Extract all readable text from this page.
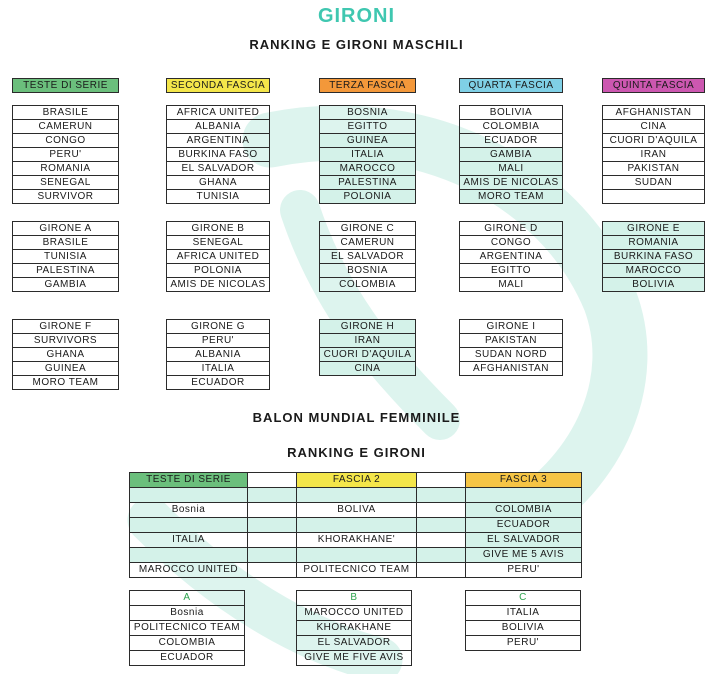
GIRONI
RANKING E GIRONI MASCHILI
TESTE DI SERIE

BRASILE
CAMERUN
CONGO
PERU'
ROMANIA
SENEGAL
SURVIVOR
SECONDA FASCIA

AFRICA UNITED
ALBANIA
ARGENTINA
BURKINA FASO
EL SALVADOR
GHANA
TUNISIA
TERZA FASCIA

BOSNIA
EGITTO
GUINEA
ITALIA
MAROCCO
PALESTINA
POLONIA
QUARTA FASCIA

BOLIVIA
COLOMBIA
ECUADOR
GAMBIA
MALI
AMIS DE NICOLAS
MORO TEAM
QUINTA FASCIA

AFGHANISTAN
CINA
CUORI D'AQUILA
IRAN
PAKISTAN
SUDAN

GIRONE A
BRASILE
TUNISIA
PALESTINA
GAMBIA
GIRONE B
SENEGAL
AFRICA UNITED
POLONIA
AMIS DE NICOLAS
GIRONE C
CAMERUN
EL SALVADOR
BOSNIA
COLOMBIA
GIRONE D
CONGO
ARGENTINA
EGITTO
MALI
GIRONE E
ROMANIA
BURKINA FASO
MAROCCO
BOLIVIA
GIRONE F
SURVIVORS
GHANA
GUINEA
MORO TEAM
GIRONE G
PERU'
ALBANIA
ITALIA
ECUADOR
GIRONE H
IRAN
CUORI D'AQUILA
CINA
GIRONE I
PAKISTAN
SUDAN NORD
AFGHANISTAN
BALON MUNDIAL FEMMINILE
RANKING E GIRONI
TESTE DI SERIE		FASCIA 2		FASCIA 3

Bosnia		BOLIVA		COLOMBIA
				ECUADOR
ITALIA		KHORAKHANE'		EL SALVADOR
				GIVE ME 5 AVIS
MAROCCO UNITED		POLITECNICO TEAM		PERU'
A
Bosnia
POLITECNICO TEAM
COLOMBIA
ECUADOR
B
MAROCCO UNITED
KHORAKHANE
EL SALVADOR
GIVE ME FIVE AVIS
C
ITALIA
BOLIVIA
PERU'
